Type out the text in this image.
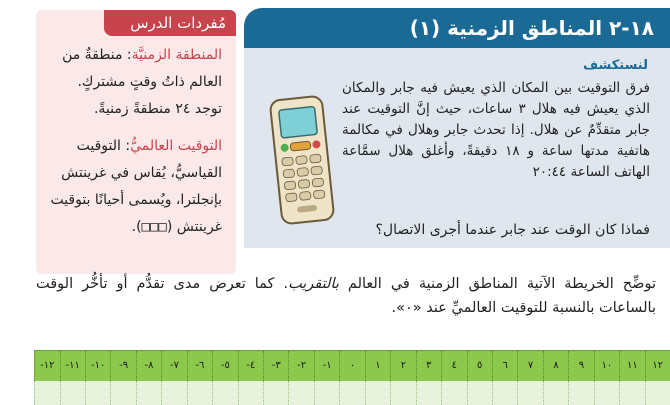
مُفردات الدرس

المنطقة الزمنيَّة: منطقةٌ من العالم ذاتُ وقتٍ مشتركٍ. توجد ٢٤ منطقةً زمنيةً.

التوقيت العالميُّ: التوقيت القياسيُّ، يُقاس في غرينتش بإنجلترا، ويُسمى أحيانًا بتوقيت غرينتش (□□□).

١٨-٢ المناطق الزمنية (١)
لنستكشف
فرق التوقيت بين المكان الذي يعيش فيه جابر والمكان الذي يعيش فيه هلال ٣ ساعات، حيث إنَّ التوقيت عند جابر متقدِّمٌ عن هلال. إذا تحدث جابر وهلال في مكالمة هاتفية مدتها ساعة و ١٨ دقيقةً، وأغلق هلال سمَّاعة الهاتف الساعة ٢٠:٤٤
فماذا كان الوقت عند جابر عندما أجرى الاتصال؟
توضِّح الخريطة الآتية المناطق الزمنية في العالم بالتقريب. كما تعرض مدى تقدُّم أو تأخُّر الوقت بالساعات بالنسبة للتوقيت العالميِّ عند «٠».
١٢
١١
١٠
٩
٨
٧
٦
٥
٤
٣
٢
١
٠
-١
-٢
-٣
-٤
-٥
-٦
-٧
-٨
-٩
-١٠
-١١
-١٢
